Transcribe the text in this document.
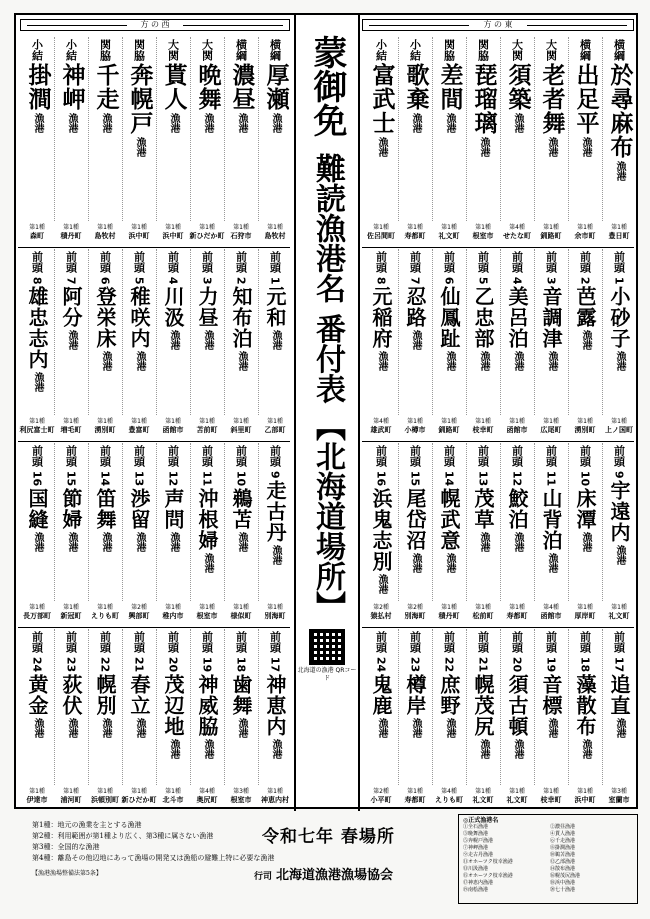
方 の 西	方 の 東
蒙御免
難読漁港名 番付表
【北海道場所】
北海道の漁港 QRコード
小結
掛澗
漁港
第1種
森町
小結
神岬
漁港
第1種
積丹町
関脇
千走
漁港
第1種
島牧村
関脇
奔幌戸
漁港
第1種
浜中町
大関
貰人
漁港
第1種
浜中町
大関
晩舞
漁港
第1種
新ひだか町
横綱
濃昼
漁港
第1種
石狩市
横綱
厚瀬
漁港
第1種
島牧村
前頭 8
雄忠志内
漁港
第1種
利尻富士町
前頭 7
阿分
漁港
第1種
増毛町
前頭 6
登栄床
漁港
第1種
湧別町
前頭 5
稚咲内
漁港
第1種
豊富町
前頭 4
川汲
漁港
第1種
函館市
前頭 3
力昼
漁港
第1種
苫前町
前頭 2
知布泊
漁港
第1種
斜里町
前頭 1
元和
漁港
第1種
乙部町
前頭 16
国縫
漁港
第1種
長万部町
前頭 15
節婦
漁港
第1種
新冠町
前頭 14
笛舞
漁港
第1種
えりも町
前頭 13
渉留
漁港
第2種
興部町
前頭 12
声問
漁港
第1種
稚内市
前頭 11
沖根婦
漁港
第1種
根室市
前頭 10
鵜苫
漁港
第1種
様似町
前頭 9
走古丹
漁港
第1種
別海町
前頭 24
黄金
漁港
第1種
伊達市
前頭 23
荻伏
漁港
第1種
浦河町
前頭 22
幌別
漁港
第1種
浜頓別町
前頭 21
春立
漁港
第1種
新ひだか町
前頭 20
茂辺地
漁港
第1種
北斗市
前頭 19
神威脇
漁港
第4種
奥尻町
前頭 18
歯舞
漁港
第3種
根室市
前頭 17
神恵内
漁港
第1種
神恵内村
小結
富武士
漁港
第1種
佐呂間町
小結
歌棄
漁港
第1種
寿都町
関脇
差間
漁港
第1種
礼文町
関脇
琵瑠璃
漁港
第1種
根室市
大関
須築
漁港
第4種
せたな町
大関
老者舞
漁港
第1種
釧路町
横綱
出足平
漁港
第1種
余市町
横綱
於尋麻布
漁港
第1種
豊日町
前頭 8
元稲府
漁港
第4種
雄武町
前頭 7
忍路
漁港
第1種
小樽市
前頭 6
仙鳳趾
漁港
第1種
釧路町
前頭 5
乙忠部
漁港
第1種
枝幸町
前頭 4
美呂泊
漁港
第1種
函館市
前頭 3
音調津
漁港
第1種
広尾町
前頭 2
芭露
漁港
第1種
湧別町
前頭 1
小砂子
漁港
第1種
上ノ国町
前頭 16
浜鬼志別
漁港
第2種
猿払村
前頭 15
尾岱沼
漁港
第2種
別海町
前頭 14
幌武意
漁港
第1種
積丹町
前頭 13
茂草
漁港
第1種
松前町
前頭 12
鮫泊
漁港
第1種
寿都町
前頭 11
山背泊
漁港
第4種
函館市
前頭 10
床潭
漁港
第1種
厚岸町
前頭 9
宇遠内
漁港
第1種
礼文町
前頭 24
鬼鹿
漁港
第2種
小平町
前頭 23
樽岸
漁港
第1種
寿都町
前頭 22
庶野
漁港
第4種
えりも町
前頭 21
幌茂尻
漁港
第1種
礼文町
前頭 20
須古頓
漁港
第1種
礼文町
前頭 19
音標
漁港
第1種
枝幸町
前頭 18
藻散布
漁港
第1種
浜中町
前頭 17
追直
漁港
第3種
室蘭市
第1種：地元の漁業を主とする漁港
第2種：利用範囲が第1種より広く、第3種に属さない漁港
第3種：全国的な漁港
第4種：離島その他辺地にあって漁場の開発又は漁船の避難上特に必要な漁港
【漁港漁場整備法第5条】
令和七年 春場所
行司 北海道漁港漁場協会
◎正式漁港名
①全石漁港	②濃昼漁港
③晩舞漁港	④貰人漁港
⑤奔幌戸漁港	⑥千走漁港
⑦神岬漁港	⑧掛澗漁港
⑨走古丹漁港	⑩鵜苫漁港
⑪オホーツク枝幸漁港	⑫乙部漁港
⑬川汲漁港	⑭散布漁港
⑮オホーツク枝幸漁港	⑯幌茂尻漁港
⑰神恵内漁港	⑱浜中漁港
⑲南桧漁港	⑳七十漁港
